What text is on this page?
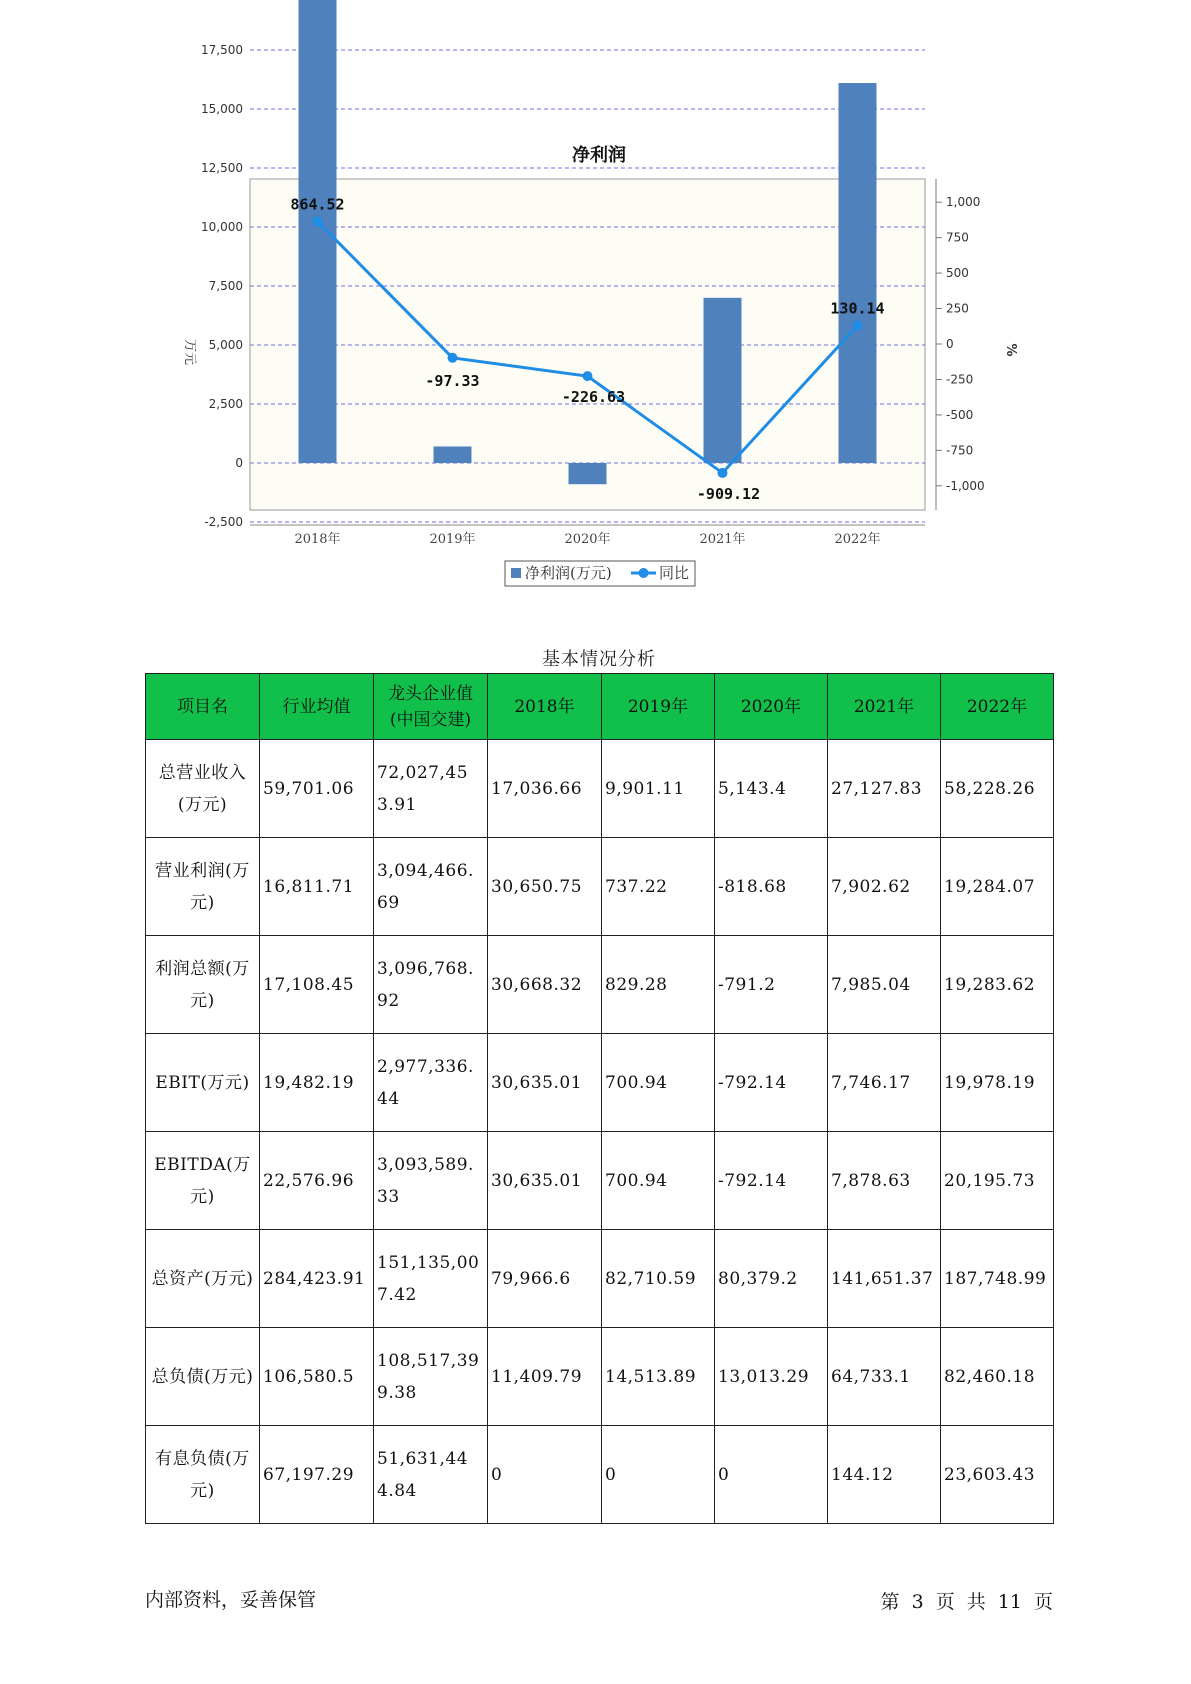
净利润
17,500
15,000
12,500
10,000
7,500
5,000
2,500
0
-2,500
1,000
750
500
250
0
-250
-500
-750
-1,000
2018年	2019年	2020年	2021年	2022年
864.52
-97.33
-226.63
-909.12
130.14
万元	%
净利润(万元)	同比
基本情况分析
项目名	行业均值	龙头企业值(中国交建)	2018年	2019年	2020年	2021年	2022年
总营业收入(万元)	59,701.06	72,027,453.91	17,036.66	9,901.11	5,143.4	27,127.83	58,228.26
营业利润(万元)	16,811.71	3,094,466.69	30,650.75	737.22	-818.68	7,902.62	19,284.07
利润总额(万元)	17,108.45	3,096,768.92	30,668.32	829.28	-791.2	7,985.04	19,283.62
EBIT(万元)	19,482.19	2,977,336.44	30,635.01	700.94	-792.14	7,746.17	19,978.19
EBITDA(万元)	22,576.96	3,093,589.33	30,635.01	700.94	-792.14	7,878.63	20,195.73
总资产(万元)	284,423.91	151,135,007.42	79,966.6	82,710.59	80,379.2	141,651.37	187,748.99
总负债(万元)	106,580.5	108,517,399.38	11,409.79	14,513.89	13,013.29	64,733.1	82,460.18
有息负债(万元)	67,197.29	51,631,444.84	0	0	0	144.12	23,603.43
内部资料，妥善保管	第 3 页 共 11 页
